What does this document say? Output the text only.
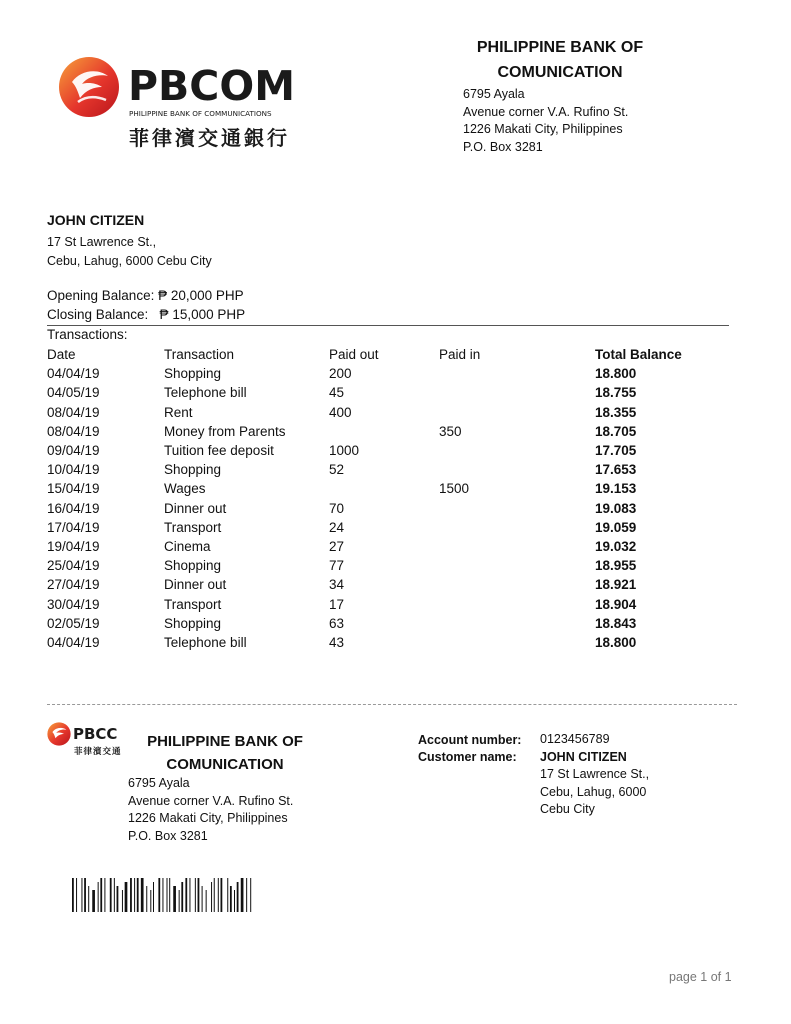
PBCOM
PHILIPPINE BANK OF COMMUNICATIONS
菲律濱交通銀行
PHILIPPINE BANK OF
COMUNICATION
6795 Ayala
Avenue corner V.A. Rufino St.
1226 Makati City, Philippines
P.O. Box 3281
JOHN CITIZEN
17 St Lawrence St.,
Cebu, Lahug, 6000 Cebu City
Opening Balance: ₱ 20,000 PHP
Closing Balance:   ₱ 15,000 PHP
Transactions:
Date	Transaction	Paid out	Paid in	Total Balance
04/04/19	Shopping	200		18.800
04/05/19	Telephone bill	45		18.755
08/04/19	Rent	400		18.355
08/04/19	Money from Parents		350	18.705
09/04/19	Tuition fee deposit	1000		17.705
10/04/19	Shopping	52		17.653
15/04/19	Wages		1500	19.153
16/04/19	Dinner out	70		19.083
17/04/19	Transport	24		19.059
19/04/19	Cinema	27		19.032
25/04/19	Shopping	77		18.955
27/04/19	Dinner out	34		18.921
30/04/19	Transport	17		18.904
02/05/19	Shopping	63		18.843
04/04/19	Telephone bill	43		18.800
PBCC
菲律濱交通
PHILIPPINE BANK OF
COMUNICATION
6795 Ayala
Avenue corner V.A. Rufino St.
1226 Makati City, Philippines
P.O. Box 3281
Account number: 0123456789
Customer name: JOHN CITIZEN
17 St Lawrence St.,
Cebu, Lahug, 6000
Cebu City
page 1 of 1
